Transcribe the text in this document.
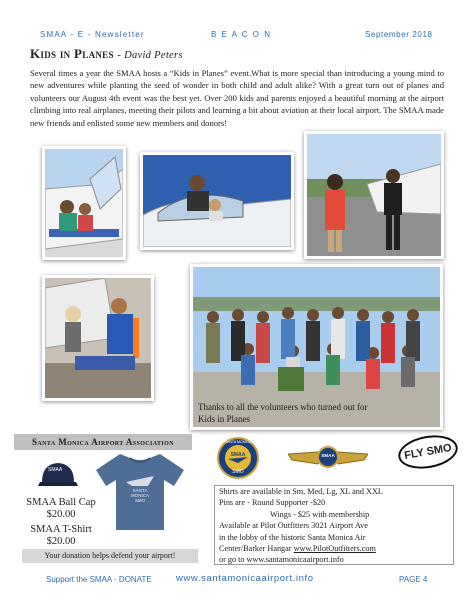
SMAA - E - Newsletter	B E A C O N	September 2018
Kids in Planes - David Peters
Several times a year the SMAA hosts a “Kids in Planes” event.What is more special than introducing a young mind to new adventures while planting the seed of wonder in both child and adult alike? With a great turn out of planes and volunteers our August 4th event was the best yet. Over 200 kids and parents enjoyed a beautiful morning at the airport climbing into real airplanes, meeting their pilots and learning a bit about aviation at their local airport. The SMAA made new friends and enlisted some new members and donors!
Thanks to all the volunteers who turned out for Kids in Planes
Santa Monica Airport Association
SMAA
SANTA MONICA
SMO
SMAA Ball Cap
$20.00
SMAA T-Shirt
$20.00
Your donation helps defend your airport!
SANTA MONICA
SMAA
SMO
SMAA	FLY SMO
Shirts are available in Sm, Med, Lg, XL and XXL
Pins are - Round Supporter -$20
Wings - $25 with membership
Available at Pilot Outfitters 3021 Airport Ave
in the lobby of the historic Santa Monica Air
Center/Barker Hangar www.PilotOutfitters.com
or go to www.santamonicaairport.info
Support the SMAA - DONATE	www.santamonicaairport.info	PAGE 4
